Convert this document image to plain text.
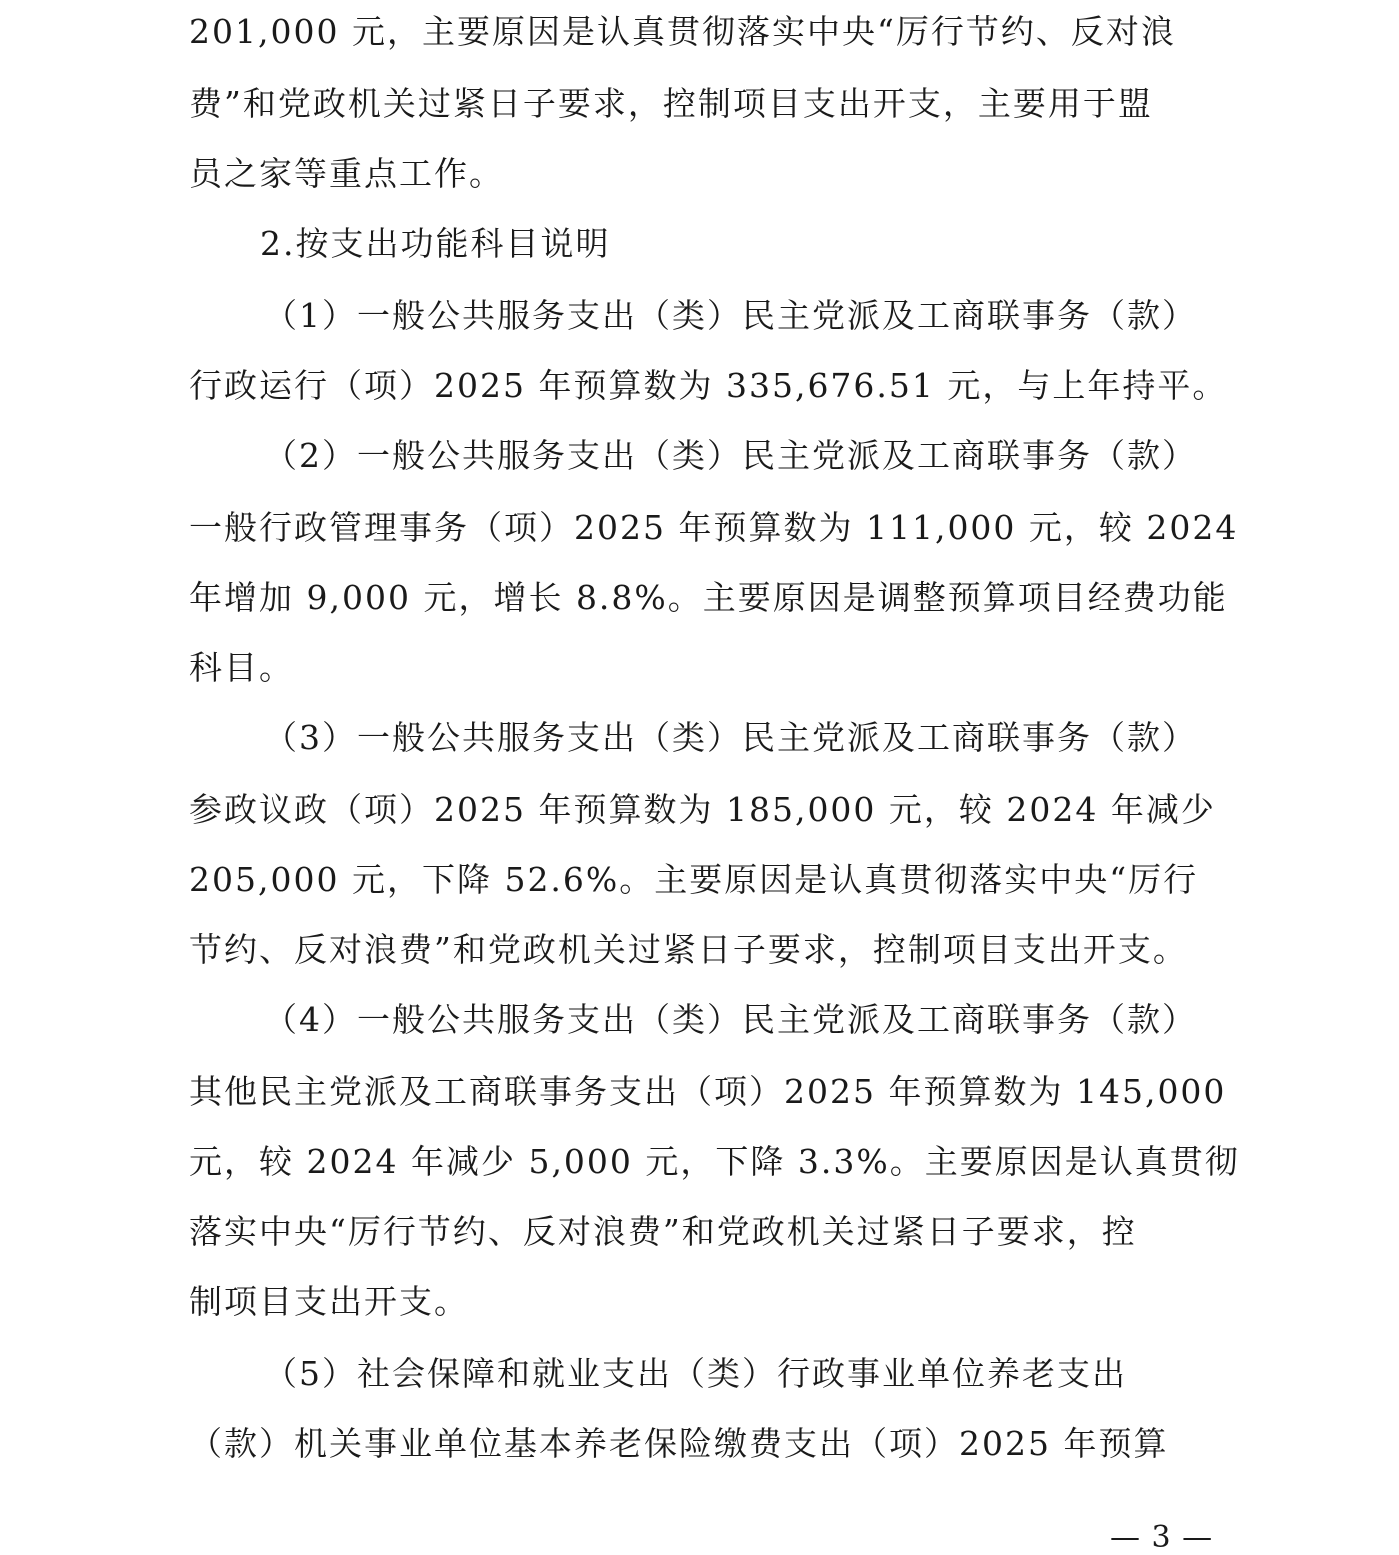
201,000 元，主要原因是认真贯彻落实中央“厉行节约、反对浪
费”和党政机关过紧日子要求，控制项目支出开支，主要用于盟
员之家等重点工作。
2.按支出功能科目说明
（1）一般公共服务支出（类）民主党派及工商联事务（款）
行政运行（项）2025 年预算数为 335,676.51 元，与上年持平。
（2）一般公共服务支出（类）民主党派及工商联事务（款）
一般行政管理事务（项）2025 年预算数为 111,000 元，较 2024
年增加 9,000 元，增长 8.8%。主要原因是调整预算项目经费功能
科目。
（3）一般公共服务支出（类）民主党派及工商联事务（款）
参政议政（项）2025 年预算数为 185,000 元，较 2024 年减少
205,000 元，下降 52.6%。主要原因是认真贯彻落实中央“厉行
节约、反对浪费”和党政机关过紧日子要求，控制项目支出开支。
（4）一般公共服务支出（类）民主党派及工商联事务（款）
其他民主党派及工商联事务支出（项）2025 年预算数为 145,000
元，较 2024 年减少 5,000 元，下降 3.3%。主要原因是认真贯彻
落实中央“厉行节约、反对浪费”和党政机关过紧日子要求，控
制项目支出开支。
（5）社会保障和就业支出（类）行政事业单位养老支出
（款）机关事业单位基本养老保险缴费支出（项）2025 年预算
— 3 —
